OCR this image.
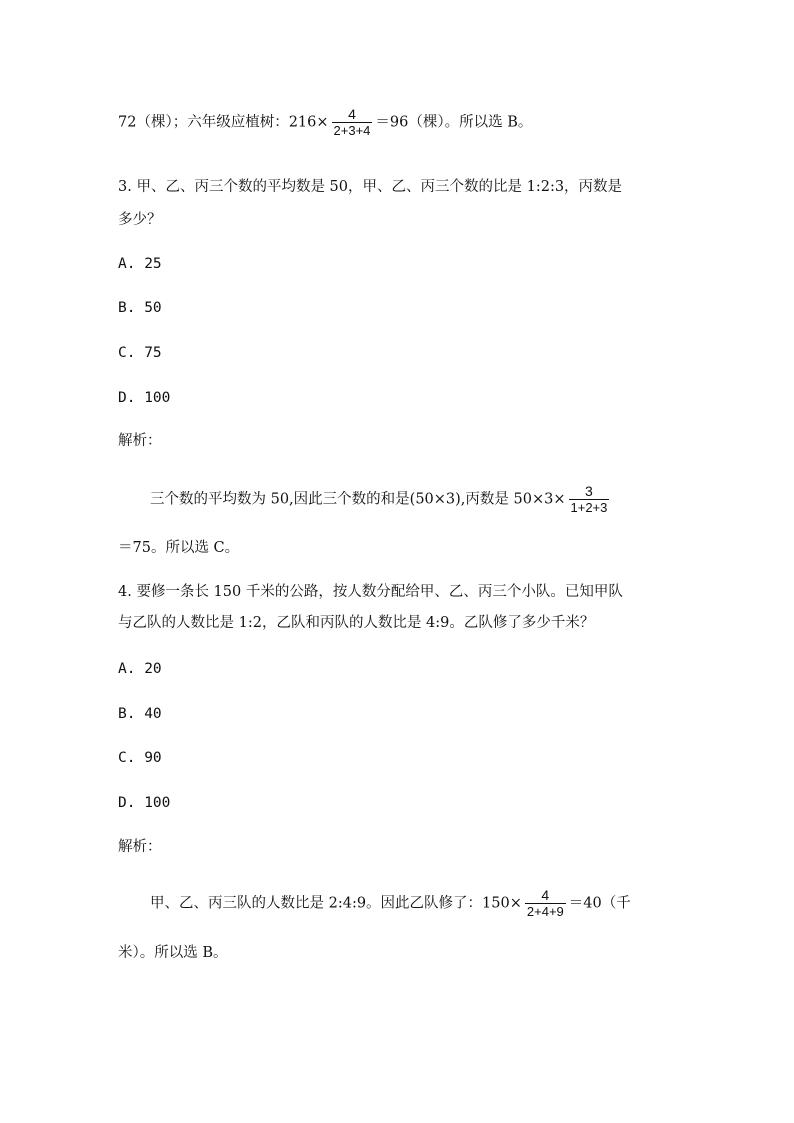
72（棵）；六年级应植树：$216\times \frac{4}{2+3+4} =96$（棵）。所以选 B。
3. 甲、乙、丙三个数的平均数是 50，甲、乙、丙三个数的比是 1:2:3，丙数是
多少？
A. 25
B. 50
C. 75
D. 100
解析：
三个数的平均数为 50,因此三个数的和是(50×3),丙数是 $50\times 3\times \frac{3}{1+2+3}$
＝75。所以选 C。
4. 要修一条长 150 千米的公路，按人数分配给甲、乙、丙三个小队。已知甲队
与乙队的人数比是 1:2，乙队和丙队的人数比是 4:9。乙队修了多少千米？
A. 20
B. 40
C. 90
D. 100
解析：
甲、乙、丙三队的人数比是 2:4:9。因此乙队修了：$150\times \frac{4}{2+4+9} =40$（千
米）。所以选 B。
